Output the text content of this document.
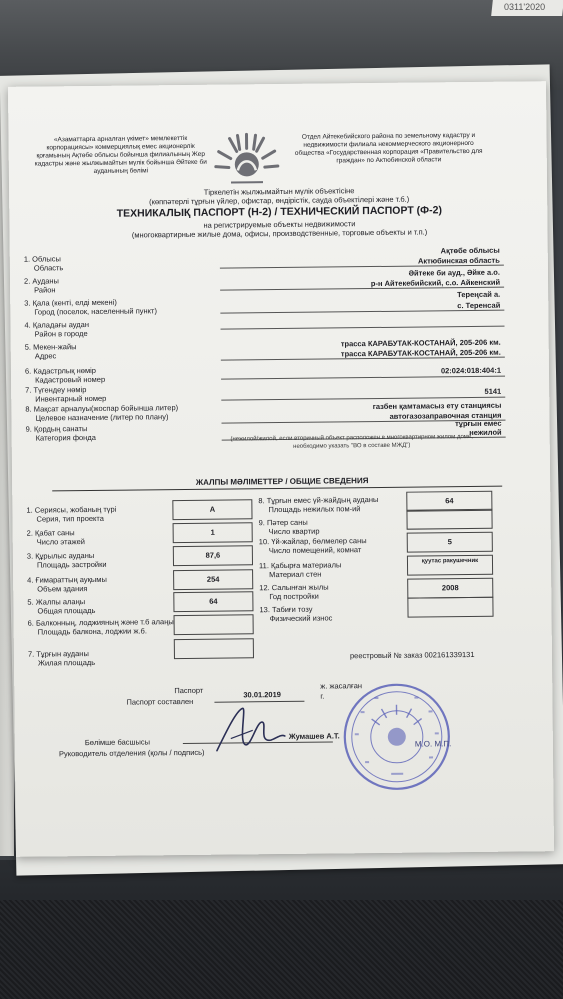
0311'2020
«Азаматтарға арналған үкімет» мемлекеттік корпорациясы» коммерциялық емес акционерлік қоғамының Ақтөбе облысы бойынша филиалының Жер кадастры және жылжымайтын мүлік бойынша Әйтеке би ауданының бөлімі
Отдел Айтекебийского района по земельному кадастру и недвижимости филиала некоммерческого акционерного общества «Государственная корпорация «Правительство для граждан» по Актюбинской области
Тіркелетін жылжымайтын мүлік объектісіне
(көппәтерлі тұрғын үйлер, офистар, өндірістік, сауда объектілері және т.б.)
ТЕХНИКАЛЫҚ ПАСПОРТ (Н-2) / ТЕХНИЧЕСКИЙ ПАСПОРТ (Ф-2)
на регистрируемые объекты недвижимости
(многоквартирные жилые дома, офисы, производственные, торговые объекты и т.п.)
1. Облысы
Область
Ақтөбе облысы
Актюбинская область
2. Ауданы
Район
Әйтеке би ауд., Әйке а.о.
р-н Айтекебийский, с.о. Айкенский
3. Қала (кенті, елді мекені)
Город (поселок, населенный пункт)
Тереңсай а.
с. Теренсай
4. Қаладағы аудан
Район в городе
5. Мекен-жайы
Адрес
трасса КАРАБУТАК-КОСТАНАЙ, 205-206 км.
трасса КАРАБУТАК-КОСТАНАЙ, 205-206 км.
6. Кадастрлық нөмір
Кадастровый номер
02:024:018:404:1
7. Түгендеу нөмір
Инвентарный номер
5141
8. Мақсат арналуы(жоспар бойынша литер)
Целевое назначение (литер по плану)
газбен қамтамасыз ету станциясы
автогазозаправочная станция
9. Қордың санаты
Категория фонда
тұрғын емес
нежилой
(нежилой/жилой, если вторичный объект расположен в многоквартирном жилом доме,
необходимо указать "ВО в составе МЖД")
ЖАЛПЫ МӘЛІМЕТТЕР / ОБЩИЕ СВЕДЕНИЯ
1. Сериясы, жобаның түрі
Серия, тип проекта
А
2. Қабат саны
Число этажей
1
3. Құрылыс ауданы
Площадь застройки
87,6
4. Ғимараттың ауқымы
Объем здания
254
5. Жалпы алаңы
Общая площадь
64
6. Балконның, лоджияның және т.б алаңы
Площадь балкона, лоджии ж.б.
7. Тұрғын ауданы
Жилая площадь
8. Тұрғын емес үй-жайдың ауданы
Площадь нежилых пом-ий
64
9. Пәтер саны
Число квартир
10. Үй-жайлар, бөлмелер саны
Число помещений, комнат
5
11. Қабырға материалы
Материал стен
қуутас ракушечник
12. Салынған жылы
Год постройки
2008
13. Табиғи тозу
Физический износ
реестровый № заказ 002161339131
Паспорт
Паспорт составлен
30.01.2019
ж. жасалған
г.
Бөлімше басшысы
Руководитель отделения (қолы / подпись)
Жумашев А.Т.
М.О. М.П.
